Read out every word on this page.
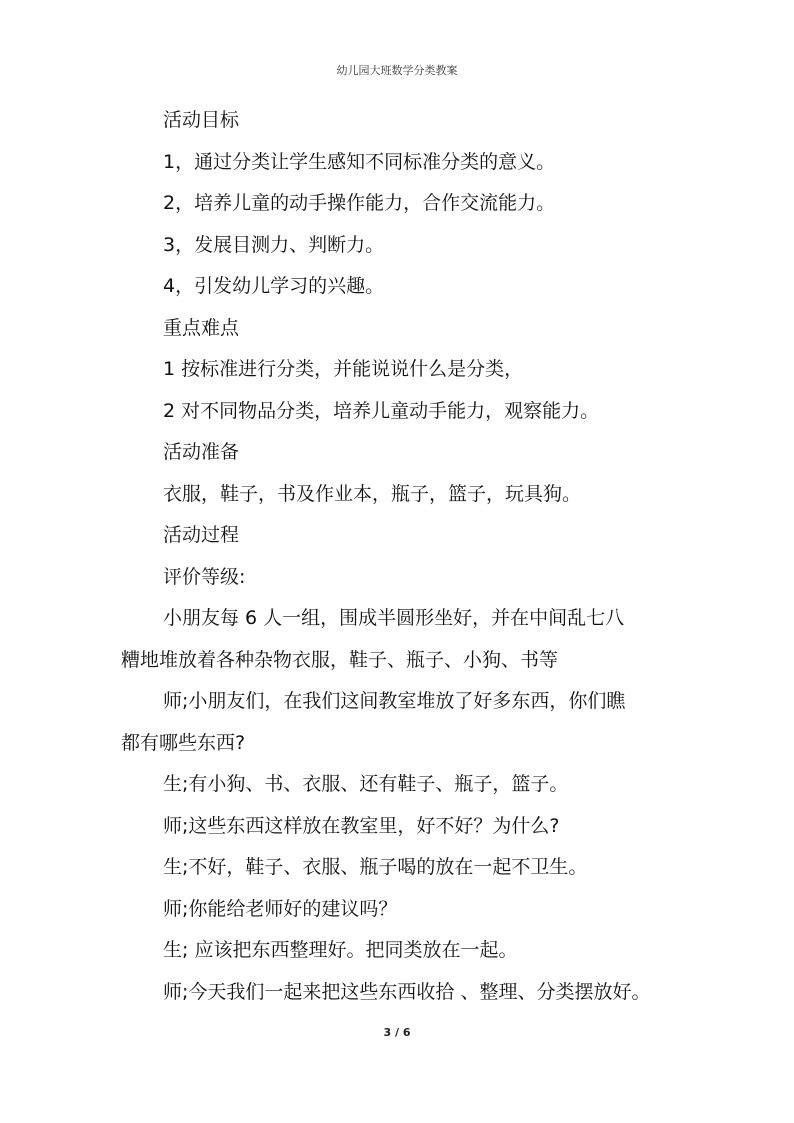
幼儿园大班数学分类教案
活动目标
1，通过分类让学生感知不同标准分类的意义。
2，培养儿童的动手操作能力，合作交流能力。
3，发展目测力、判断力。
4，引发幼儿学习的兴趣。
重点难点
1 按标准进行分类，并能说说什么是分类，
2 对不同物品分类，培养儿童动手能力，观察能力。
活动准备
衣服，鞋子，书及作业本，瓶子，篮子，玩具狗。
活动过程
评价等级:
小朋友每 6 人一组，围成半圆形坐好，并在中间乱七八
糟地堆放着各种杂物衣服，鞋子、瓶子、小狗、书等
师;小朋友们，在我们这间教室堆放了好多东西，你们瞧
都有哪些东西?
生;有小狗、书、衣服、还有鞋子、瓶子，篮子。
师;这些东西这样放在教室里，好不好？为什么?
生;不好，鞋子、衣服、瓶子喝的放在一起不卫生。
师;你能给老师好的建议吗？
生; 应该把东西整理好。把同类放在一起。
师;今天我们一起来把这些东西收拾 、整理、分类摆放好。
3 / 6
